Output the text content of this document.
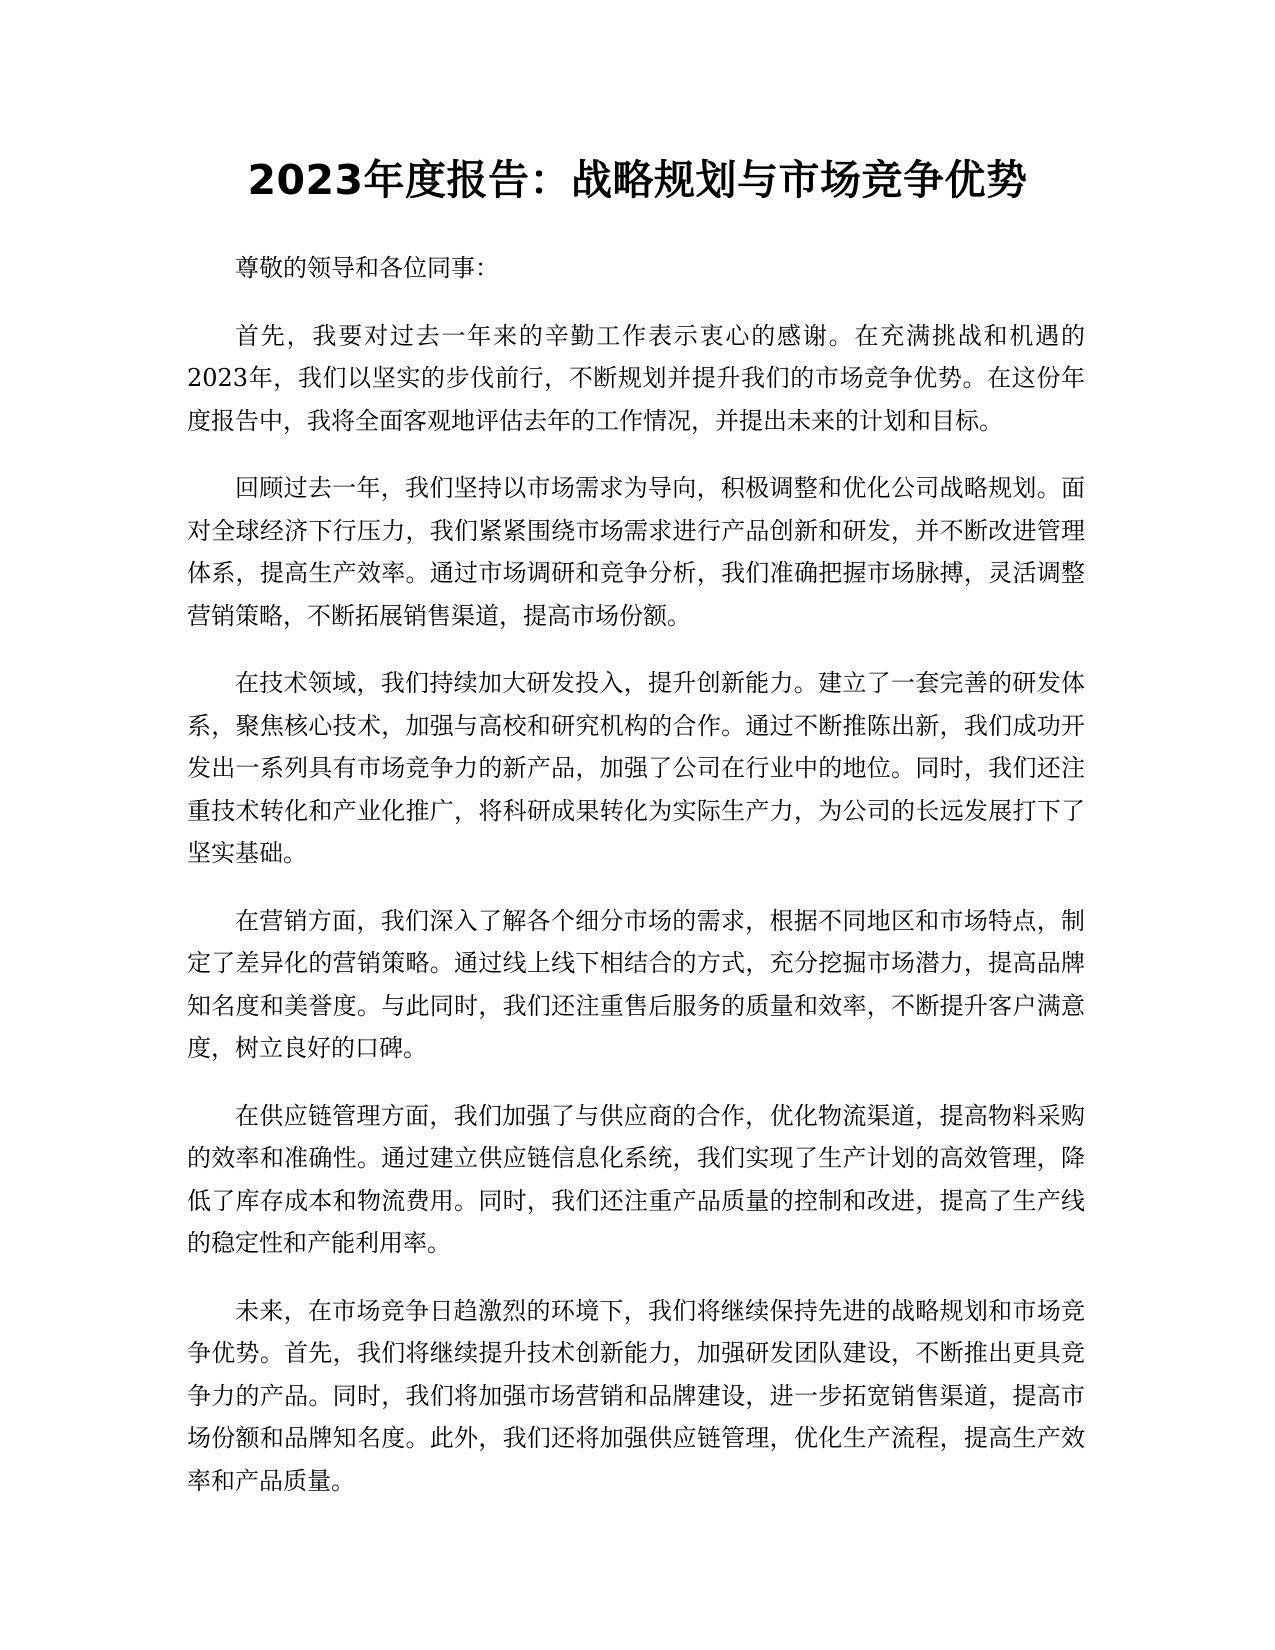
2023年度报告：战略规划与市场竞争优势

尊敬的领导和各位同事：

首先，我要对过去一年来的辛勤工作表示衷心的感谢。在充满挑战和机遇的2023年，我们以坚实的步伐前行，不断规划并提升我们的市场竞争优势。在这份年度报告中，我将全面客观地评估去年的工作情况，并提出未来的计划和目标。

回顾过去一年，我们坚持以市场需求为导向，积极调整和优化公司战略规划。面对全球经济下行压力，我们紧紧围绕市场需求进行产品创新和研发，并不断改进管理体系，提高生产效率。通过市场调研和竞争分析，我们准确把握市场脉搏，灵活调整营销策略，不断拓展销售渠道，提高市场份额。

在技术领域，我们持续加大研发投入，提升创新能力。建立了一套完善的研发体系，聚焦核心技术，加强与高校和研究机构的合作。通过不断推陈出新，我们成功开发出一系列具有市场竞争力的新产品，加强了公司在行业中的地位。同时，我们还注重技术转化和产业化推广，将科研成果转化为实际生产力，为公司的长远发展打下了坚实基础。

在营销方面，我们深入了解各个细分市场的需求，根据不同地区和市场特点，制定了差异化的营销策略。通过线上线下相结合的方式，充分挖掘市场潜力，提高品牌知名度和美誉度。与此同时，我们还注重售后服务的质量和效率，不断提升客户满意度，树立良好的口碑。

在供应链管理方面，我们加强了与供应商的合作，优化物流渠道，提高物料采购的效率和准确性。通过建立供应链信息化系统，我们实现了生产计划的高效管理，降低了库存成本和物流费用。同时，我们还注重产品质量的控制和改进，提高了生产线的稳定性和产能利用率。

未来，在市场竞争日趋激烈的环境下，我们将继续保持先进的战略规划和市场竞争优势。首先，我们将继续提升技术创新能力，加强研发团队建设，不断推出更具竞争力的产品。同时，我们将加强市场营销和品牌建设，进一步拓宽销售渠道，提高市场份额和品牌知名度。此外，我们还将加强供应链管理，优化生产流程，提高生产效率和产品质量。
